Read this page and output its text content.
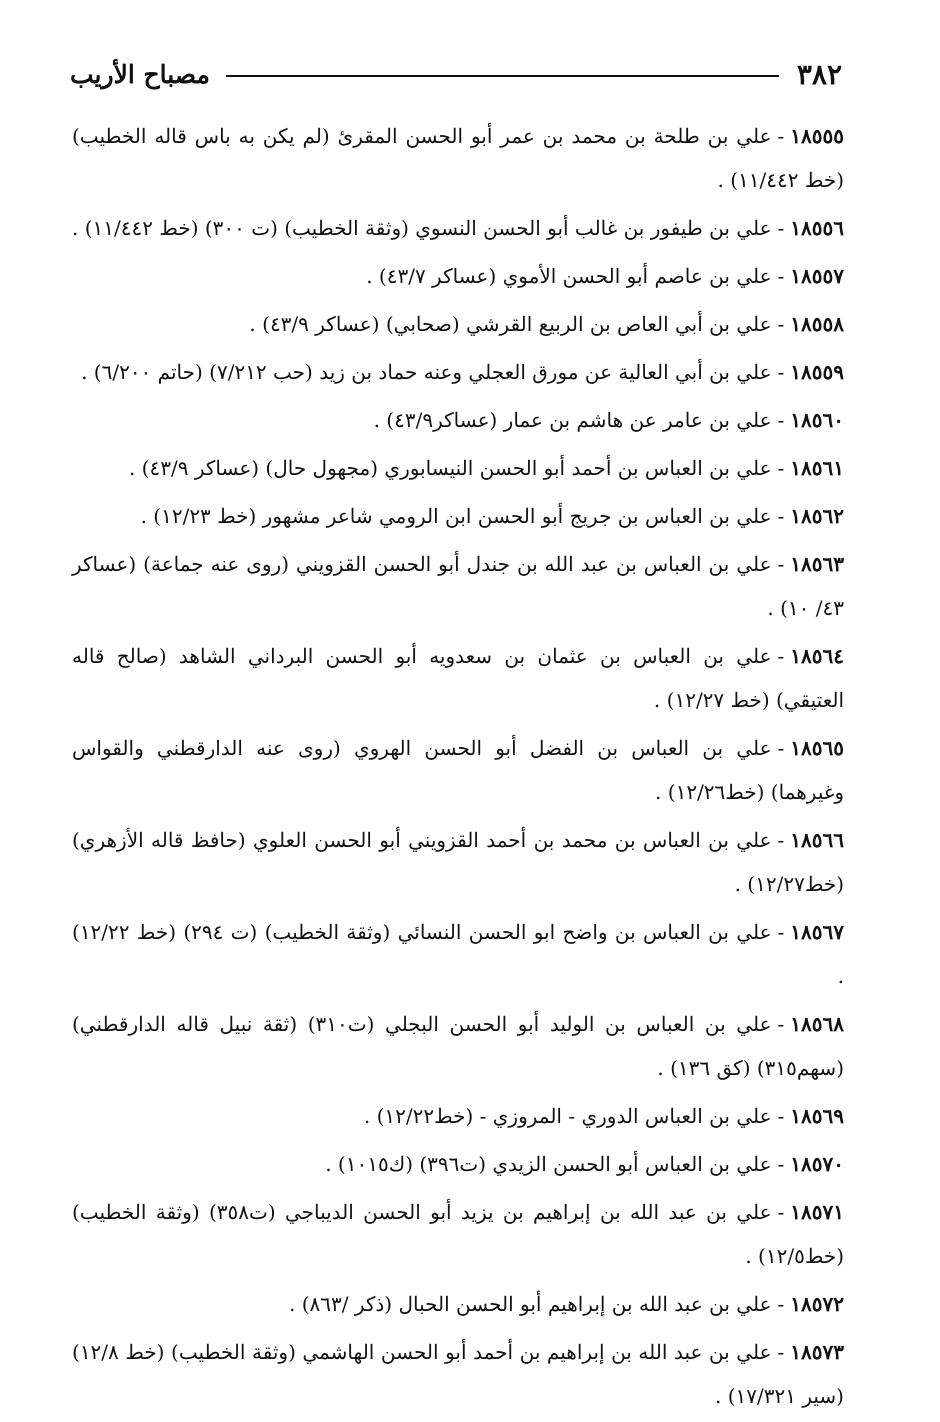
٣٨٢
مصباح الأريب

١٨٥٥٥-علي بن طلحة بن محمد بن عمر أبو الحسن المقرئ (لم يكن به باس قاله الخطيب) (خط ١١/٤٤٢) .

١٨٥٥٦-علي بن طيفور بن غالب أبو الحسن النسوي (وثقة الخطيب) (ت ٣٠٠) (خط ١١/٤٤٢) .

١٨٥٥٧-علي بن عاصم أبو الحسن الأموي (عساكر ٤٣/٧) .

١٨٥٥٨-علي بن أبي العاص بن الربيع القرشي (صحابي) (عساكر ٤٣/٩) .

١٨٥٥٩-علي بن أبي العالية عن مورق العجلي وعنه حماد بن زيد (حب ٧/٢١٢) (حاتم ٦/٢٠٠) .

١٨٥٦٠-علي بن عامر عن هاشم بن عمار (عساكر٤٣/٩) .

١٨٥٦١-علي بن العباس بن أحمد أبو الحسن النيسابوري (مجهول حال) (عساكر ٤٣/٩) .

١٨٥٦٢-علي بن العباس بن جريج أبو الحسن ابن الرومي شاعر مشهور (خط ١٢/٢٣) .

١٨٥٦٣-علي بن العباس بن عبد الله بن جندل أبو الحسن القزويني (روى عنه جماعة) (عساكر ٤٣/ ١٠) .

١٨٥٦٤-علي بن العباس بن عثمان بن سعدويه أبو الحسن البرداني الشاهد (صالح قاله العتيقي) (خط ١٢/٢٧) .

١٨٥٦٥-علي بن العباس بن الفضل أبو الحسن الهروي (روى عنه الدارقطني والقواس وغيرهما) (خط١٢/٢٦) .

١٨٥٦٦-علي بن العباس بن محمد بن أحمد القزويني أبو الحسن العلوي (حافظ قاله الأزهري) (خط١٢/٢٧) .

١٨٥٦٧-علي بن العباس بن واضح ابو الحسن النسائي (وثقة الخطيب) (ت ٢٩٤) (خط ١٢/٢٢) .

١٨٥٦٨-علي بن العباس بن الوليد أبو الحسن البجلي (ت٣١٠) (ثقة نبيل قاله الدارقطني) (سهم٣١٥) (كق ١٣٦) .

١٨٥٦٩-علي بن العباس الدوري - المروزي - (خط١٢/٢٢) .

١٨٥٧٠-علي بن العباس أبو الحسن الزيدي (ت٣٩٦) (ك١٠١٥) .

١٨٥٧١-علي بن عبد الله بن إبراهيم بن يزيد أبو الحسن الديباجي (ت٣٥٨) (وثقة الخطيب) (خط١٢/٥) .

١٨٥٧٢-علي بن عبد الله بن إبراهيم أبو الحسن الحبال (ذكر /٨٦٣) .

١٨٥٧٣-علي بن عبد الله بن إبراهيم بن أحمد أبو الحسن الهاشمي (وثقة الخطيب) (خط ١٢/٨) (سير ١٧/٣٢١) .
